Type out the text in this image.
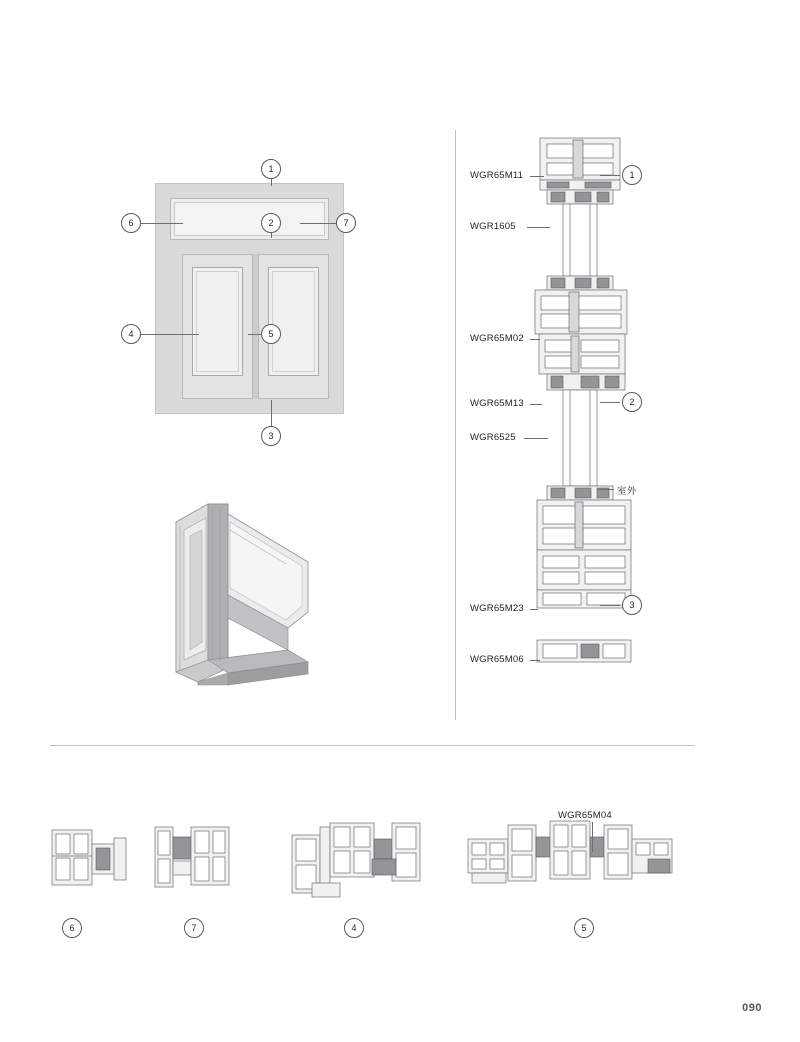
1
2
3
4	5
6	7
WGR65M11
WGR1605
WGR65M02
WGR65M13
WGR6525
WGR65M23
WGR65M06
室外
1
2
3
WGR65M04
6	7	4	5
090
